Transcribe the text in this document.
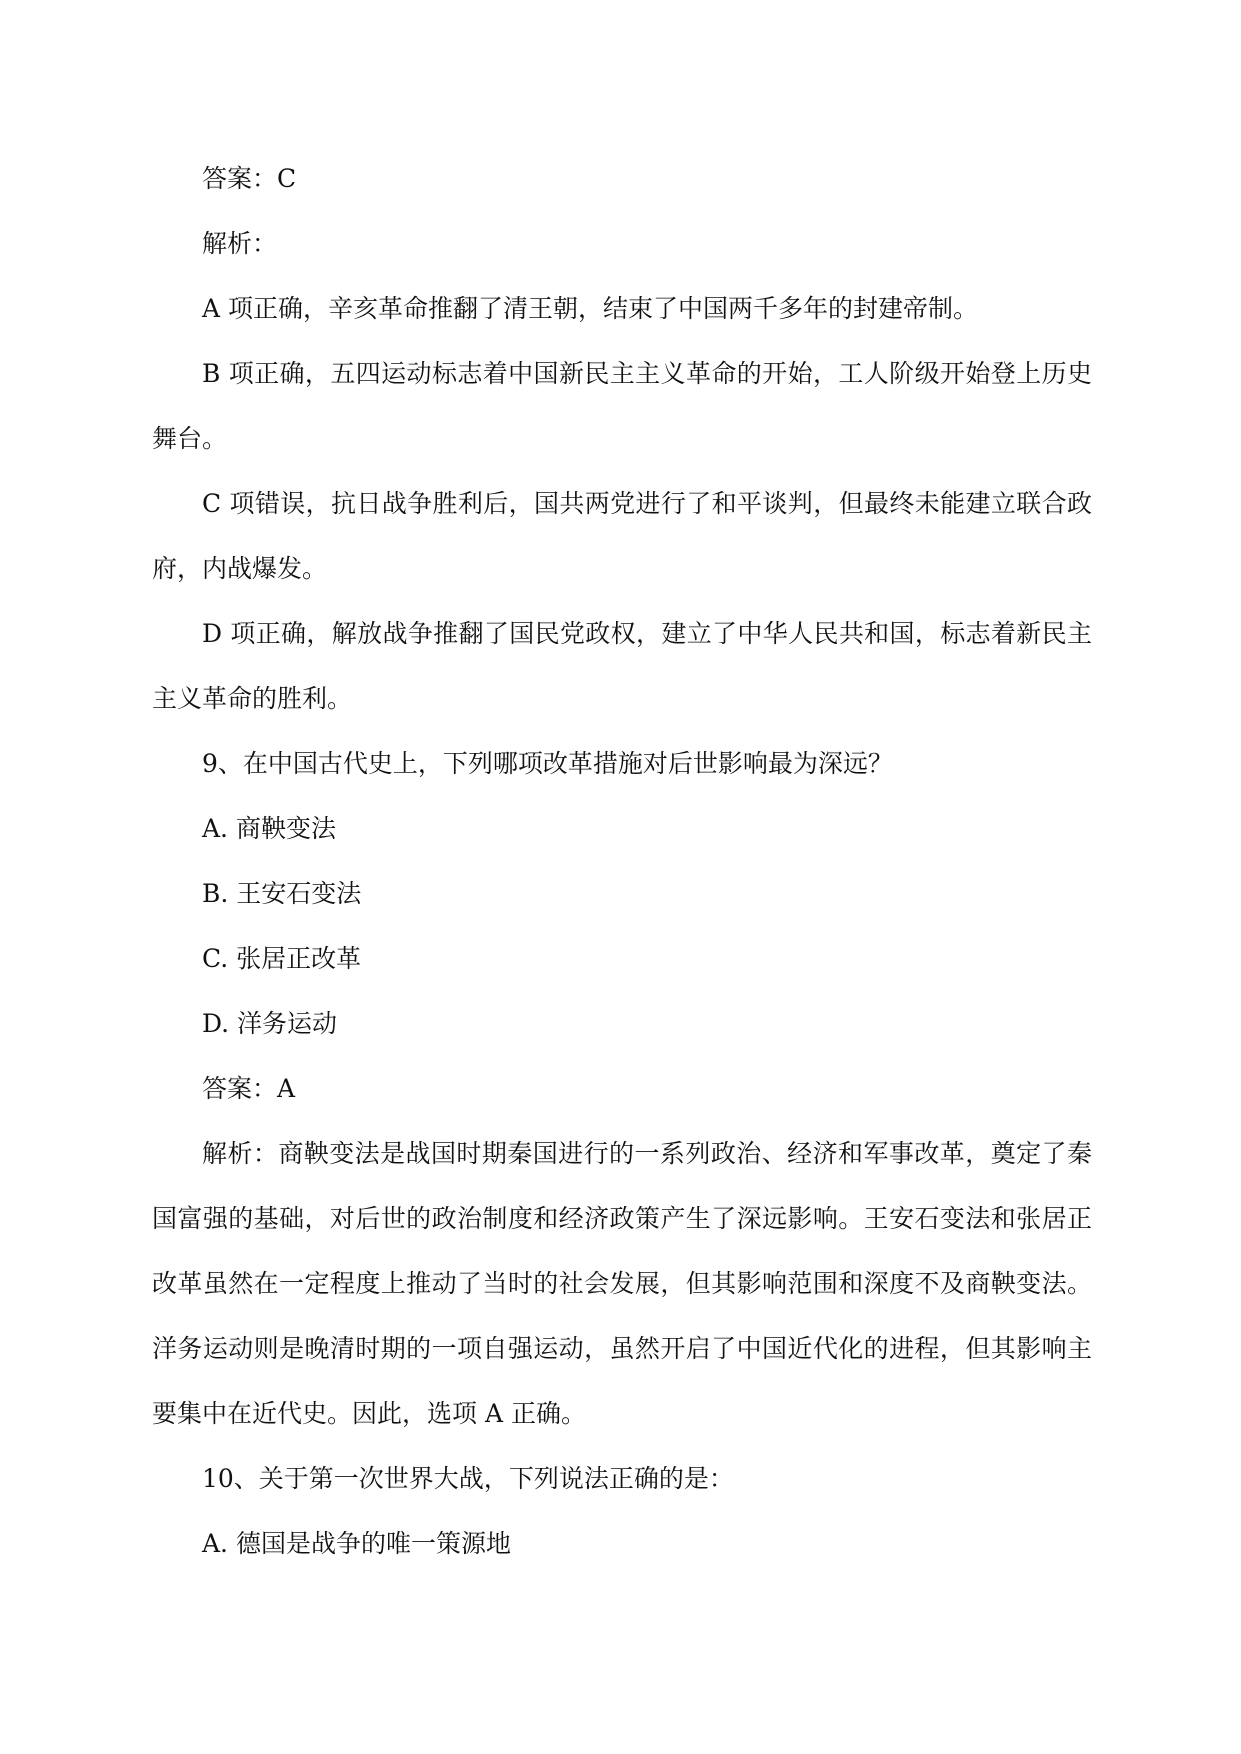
答案：C

解析：

A 项正确，辛亥革命推翻了清王朝，结束了中国两千多年的封建帝制。

B 项正确，五四运动标志着中国新民主主义革命的开始，工人阶级开始登上历史舞台。

C 项错误，抗日战争胜利后，国共两党进行了和平谈判，但最终未能建立联合政府，内战爆发。

D 项正确，解放战争推翻了国民党政权，建立了中华人民共和国，标志着新民主主义革命的胜利。

9、在中国古代史上，下列哪项改革措施对后世影响最为深远？

A. 商鞅变法

B. 王安石变法

C. 张居正改革

D. 洋务运动

答案：A

解析：商鞅变法是战国时期秦国进行的一系列政治、经济和军事改革，奠定了秦国富强的基础，对后世的政治制度和经济政策产生了深远影响。王安石变法和张居正改革虽然在一定程度上推动了当时的社会发展，但其影响范围和深度不及商鞅变法。洋务运动则是晚清时期的一项自强运动，虽然开启了中国近代化的进程，但其影响主要集中在近代史。因此，选项 A 正确。

10、关于第一次世界大战，下列说法正确的是：

A. 德国是战争的唯一策源地
